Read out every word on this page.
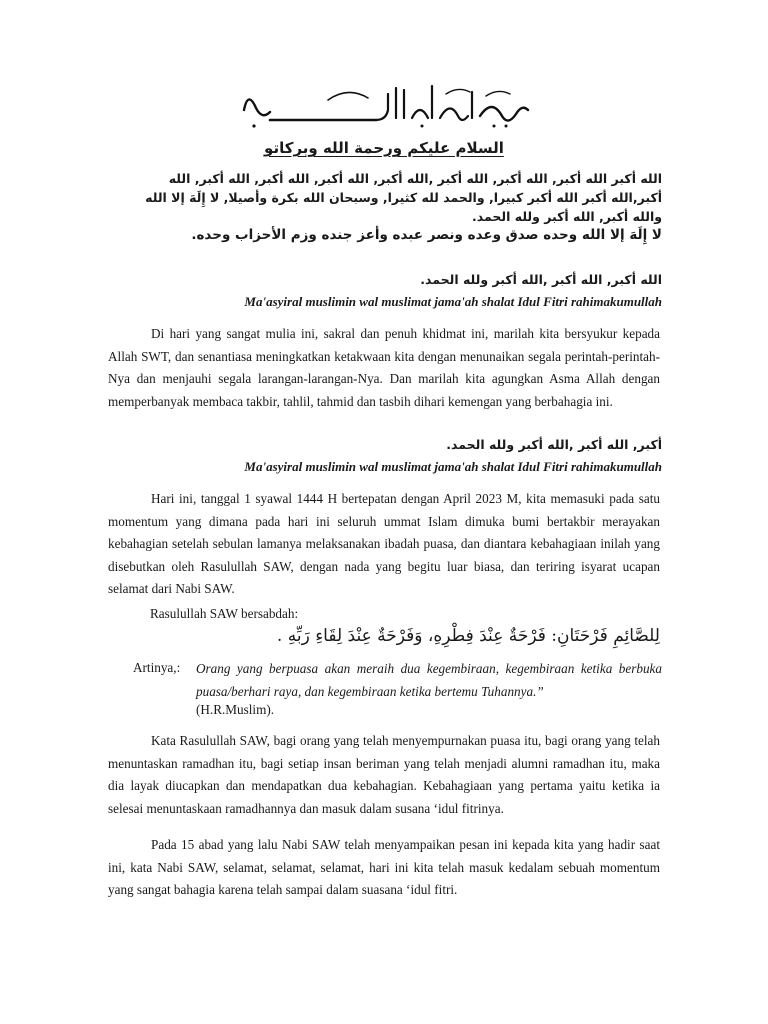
السلام عليكم ورحمة الله وبركاتو
الله أكبر الله أكبر, الله أكبر, الله أكبر ,الله أكبر, الله أكبر, الله أكبر, الله أكبر, الله أكبر,الله أكبر الله أكبر كبيرا, والحمد لله كثيرا, وسبحان الله بكرة وأصيلا, لا إِلَهَ إلا الله والله أكبر, الله أكبر ولله الحمد.
لا إِلَهَ إلا الله وحده صدق وعده ونصر عبده وأعز جنده وزم الأحزاب وحده.
الله أكبر, الله أكبر ,الله أكبر ولله الحمد.
Ma'asyiral muslimin wal muslimat jama'ah shalat Idul Fitri rahimakumullah

Di hari yang sangat mulia ini, sakral dan penuh khidmat ini, marilah kita bersyukur kepada Allah SWT, dan senantiasa meningkatkan ketakwaan kita dengan menunaikan segala perintah-perintah-Nya dan menjauhi segala larangan-larangan-Nya. Dan marilah kita agungkan Asma Allah dengan memperbanyak membaca takbir, tahlil, tahmid dan tasbih dihari kemengan yang berbahagia ini.

أكبر, الله أكبر ,الله أكبر ولله الحمد.
Ma'asyiral muslimin wal muslimat jama'ah shalat Idul Fitri rahimakumullah

Hari ini, tanggal 1 syawal 1444 H bertepatan dengan April 2023 M, kita memasuki pada satu momentum yang dimana pada hari ini seluruh ummat Islam dimuka bumi bertakbir merayakan kebahagian setelah sebulan lamanya melaksanakan ibadah puasa, dan diantara kebahagiaan inilah yang disebutkan oleh Rasulullah SAW, dengan nada yang begitu luar biasa, dan teriring isyarat ucapan selamat dari Nabi SAW.

Rasulullah SAW bersabdah:
لِلصَّائِمِ فَرْحَتَانِ: فَرْحَةٌ عِنْدَ فِطْرِهِ، وَفَرْحَةٌ عِنْدَ لِقَاءِ رَبِّهِ .
Artinya,: Orang yang berpuasa akan meraih dua kegembiraan, kegembiraan ketika berbuka puasa/berhari raya, dan kegembiraan ketika bertemu Tuhannya.”

(H.R.Muslim).

Kata Rasulullah SAW, bagi orang yang telah menyempurnakan puasa itu, bagi orang yang telah menuntaskan ramadhan itu, bagi setiap insan beriman yang telah menjadi alumni ramadhan itu, maka dia layak diucapkan dan mendapatkan dua kebahagian. Kebahagiaan yang pertama yaitu ketika ia selesai menuntaskaan ramadhannya dan masuk dalam susana ‘idul fitrinya.

Pada 15 abad yang lalu Nabi SAW telah menyampaikan pesan ini kepada kita yang hadir saat ini, kata Nabi SAW, selamat, selamat, selamat, hari ini kita telah masuk kedalam sebuah momentum yang sangat bahagia karena telah sampai dalam suasana ‘idul fitri.
